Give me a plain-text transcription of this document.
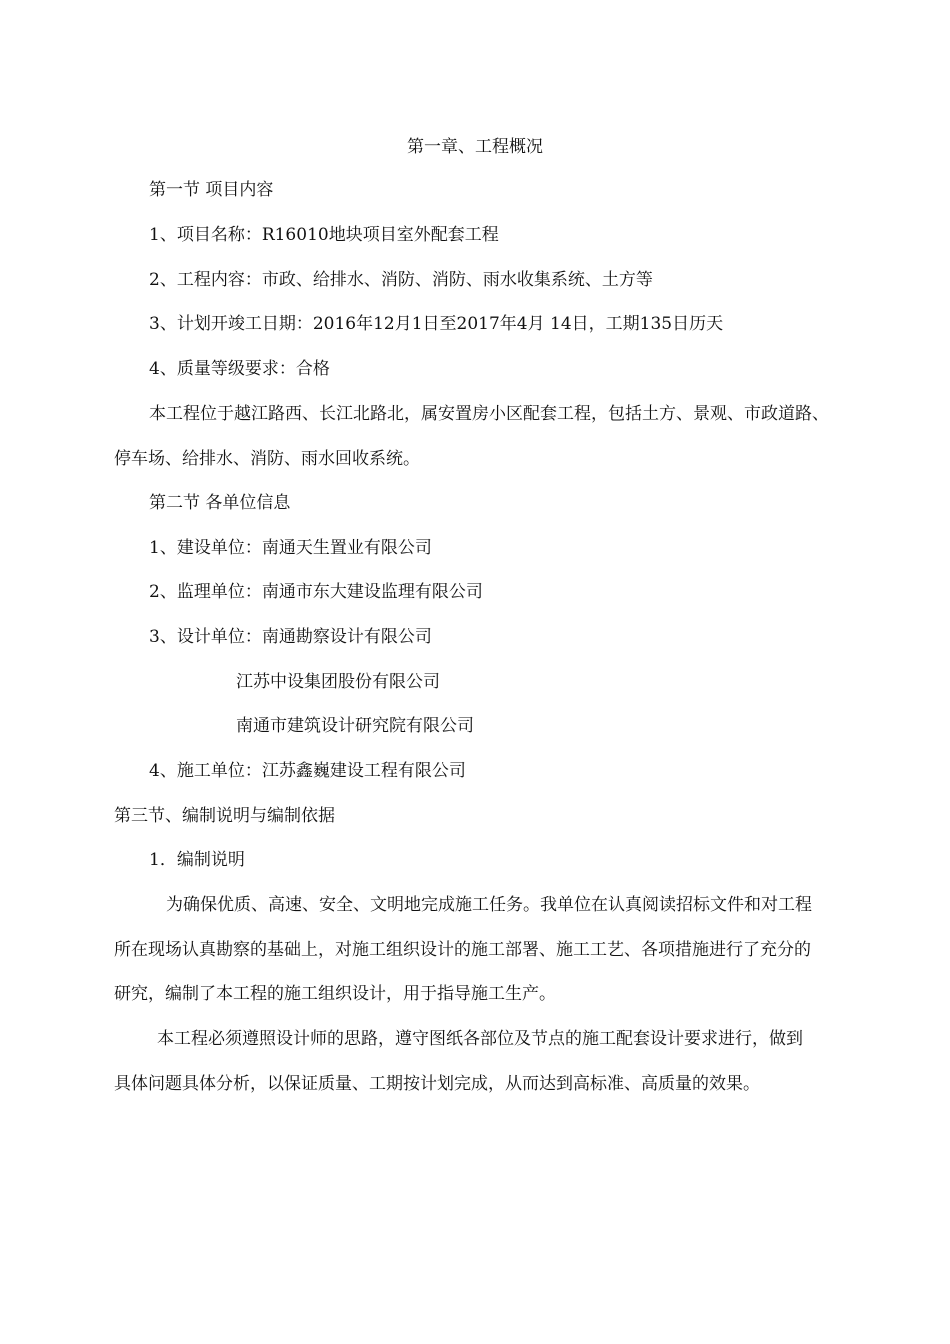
第一章、工程概况
第一节 项目内容
1、项目名称：R16010地块项目室外配套工程
2、工程内容：市政、给排水、消防、消防、雨水收集系统、土方等
3、计划开竣工日期：2016年12月1日至2017年4月 14日，工期135日历天
4、质量等级要求：合格
本工程位于越江路西、长江北路北，属安置房小区配套工程，包括土方、景观、市政道路、
停车场、给排水、消防、雨水回收系统。
第二节 各单位信息
1、建设单位：南通天生置业有限公司
2、监理单位：南通市东大建设监理有限公司
3、设计单位：南通勘察设计有限公司
江苏中设集团股份有限公司
南通市建筑设计研究院有限公司
4、施工单位：江苏鑫巍建设工程有限公司
第三节、编制说明与编制依据
1．编制说明
为确保优质、高速、安全、文明地完成施工任务。我单位在认真阅读招标文件和对工程
所在现场认真勘察的基础上，对施工组织设计的施工部署、施工工艺、各项措施进行了充分的
研究，编制了本工程的施工组织设计，用于指导施工生产。
本工程必须遵照设计师的思路，遵守图纸各部位及节点的施工配套设计要求进行，做到
具体问题具体分析，以保证质量、工期按计划完成，从而达到高标准、高质量的效果。
